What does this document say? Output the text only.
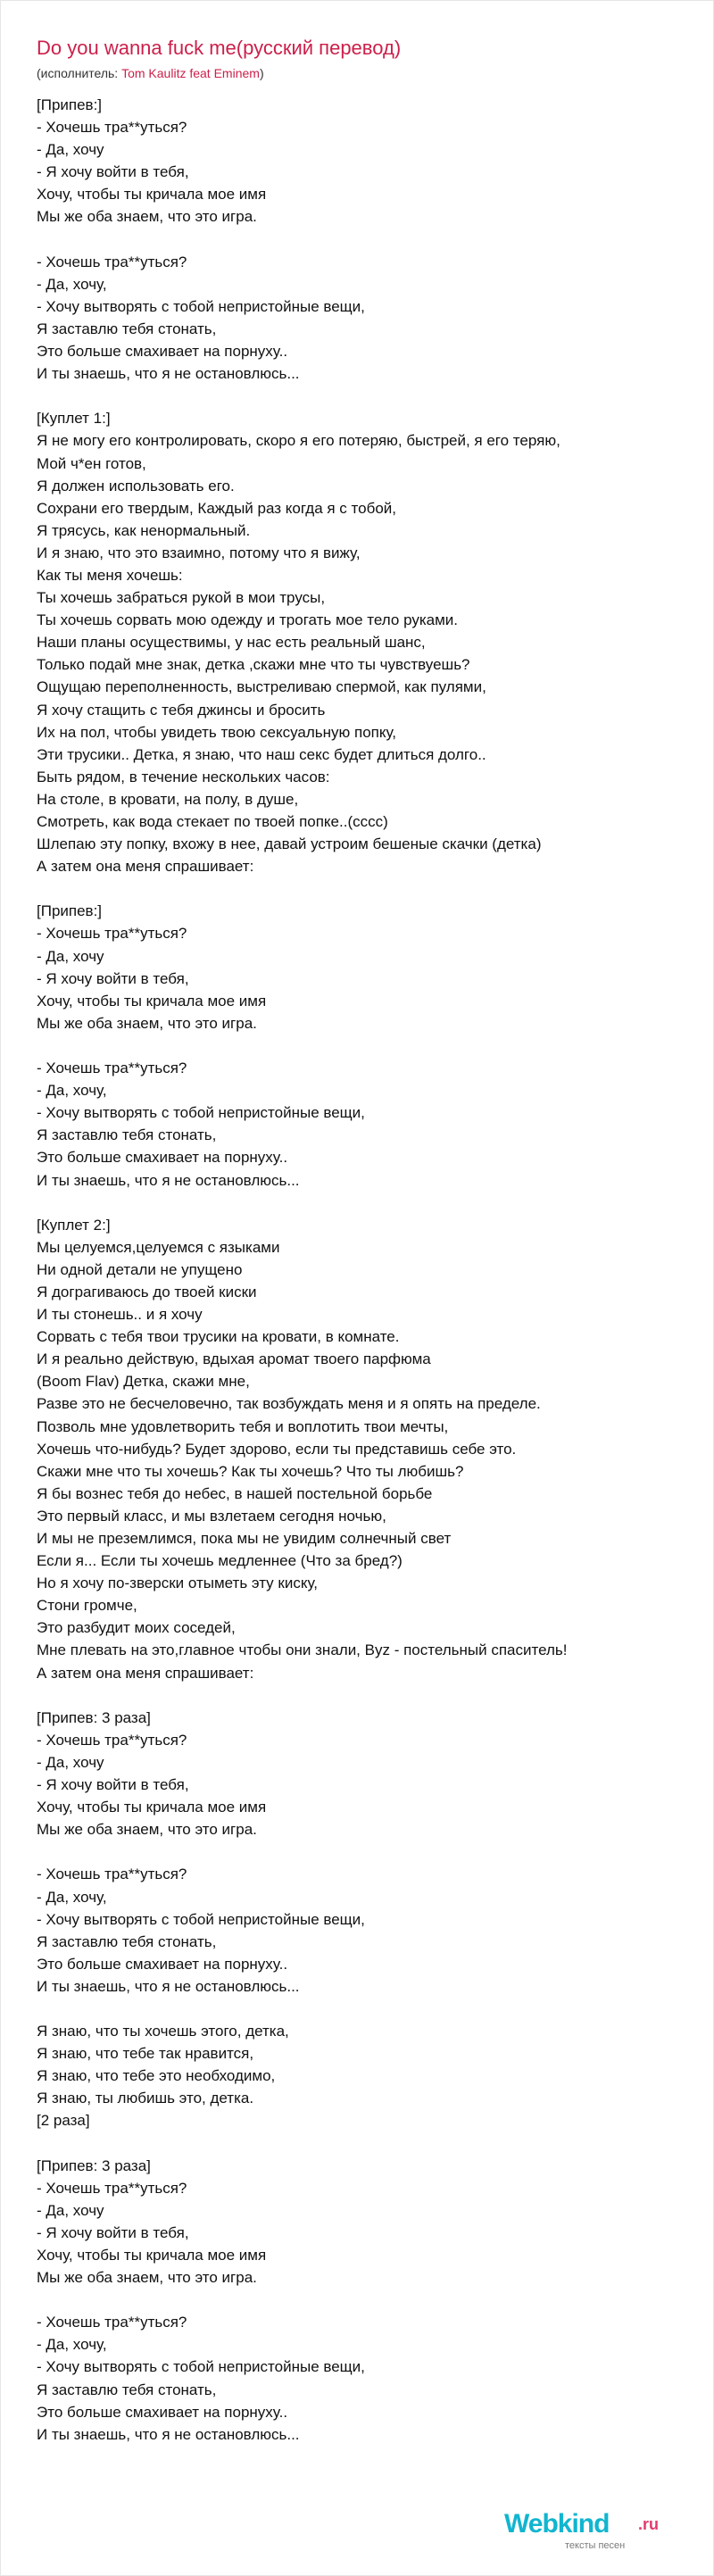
Do you wanna fuck me(русский перевод)
(исполнитель: Tom Kaulitz feat Eminem)
[Припев:]
- Хочешь тра**уться?
- Да, хочу
- Я хочу войти в тебя,
Хочу, чтобы ты кричала мое имя
Мы же оба знаем, что это игра.
- Хочешь тра**уться?
- Да, хочу,
- Хочу вытворять с тобой непристойные вещи,
Я заставлю тебя стонать,
Это больше смахивает на порнуху..
И ты знаешь, что я не остановлюсь...
[Куплет 1:]
Я не могу его контролировать, скоро я его потеряю, быстрей, я его теряю,
Мой ч*ен готов,
Я должен использовать его.
Сохрани его твердым, Каждый раз когда я с тобой,
Я трясусь, как ненормальный.
И я знаю, что это взаимно, потому что я вижу,
Как ты меня хочешь:
Ты хочешь забраться рукой в мои трусы,
Ты хочешь сорвать мою одежду и трогать мое тело руками.
Наши планы осуществимы, у нас есть реальный шанс,
Только подай мне знак, детка ,скажи мне что ты чувствуешь?
Ощущаю переполненность, выстреливаю спермой, как пулями,
Я хочу стащить с тебя джинсы и бросить
Их на пол, чтобы увидеть твою сексуальную попку,
Эти трусики.. Детка, я знаю, что наш секс будет длиться долго..
Быть рядом, в течение нескольких часов:
На столе, в кровати, на полу, в душе,
Смотреть, как вода стекает по твоей попке..(сссс)
Шлепаю эту попку, вхожу в нее, давай устроим бешеные скачки (детка)
А затем она меня спрашивает:
[Припев:]
- Хочешь тра**уться?
- Да, хочу
- Я хочу войти в тебя,
Хочу, чтобы ты кричала мое имя
Мы же оба знаем, что это игра.
- Хочешь тра**уться?
- Да, хочу,
- Хочу вытворять с тобой непристойные вещи,
Я заставлю тебя стонать,
Это больше смахивает на порнуху..
И ты знаешь, что я не остановлюсь...
[Куплет 2:]
Мы целуемся,целуемся с языками
Ни одной детали не упущено
Я дограгиваюсь до твоей киски
И ты стонешь.. и я хочу
Сорвать с тебя твои трусики на кровати, в комнате.
И я реально действую, вдыхая аромат твоего парфюма
(Boom Flav) Детка, скажи мне,
Разве это не бесчеловечно, так возбуждать меня и я опять на пределе.
Позволь мне удовлетворить тебя и воплотить твои мечты,
Хочешь что-нибудь? Будет здорово, если ты представишь себе это.
Скажи мне что ты хочешь? Как ты хочешь? Что ты любишь?
Я бы вознес тебя до небес, в нашей постельной борьбе
Это первый класс, и мы взлетаем сегодня ночью,
И мы не преземлимся, пока мы не увидим солнечный свет
Если я... Если ты хочешь медленнее (Что за бред?)
Но я хочу по-зверски отыметь эту киску,
Стони громче,
Это разбудит моих соседей,
Мне плевать на это,главное чтобы они знали, Byz - постельный спаситель!
А затем она меня спрашивает:
[Припев: 3 раза]
- Хочешь тра**уться?
- Да, хочу
- Я хочу войти в тебя,
Хочу, чтобы ты кричала мое имя
Мы же оба знаем, что это игра.
- Хочешь тра**уться?
- Да, хочу,
- Хочу вытворять с тобой непристойные вещи,
Я заставлю тебя стонать,
Это больше смахивает на порнуху..
И ты знаешь, что я не остановлюсь...
Я знаю, что ты хочешь этого, детка,
Я знаю, что тебе так нравится,
Я знаю, что тебе это необходимо,
Я знаю, ты любишь это, детка.
[2 раза]
[Припев: 3 раза]
- Хочешь тра**уться?
- Да, хочу
- Я хочу войти в тебя,
Хочу, чтобы ты кричала мое имя
Мы же оба знаем, что это игра.
- Хочешь тра**уться?
- Да, хочу,
- Хочу вытворять с тобой непристойные вещи,
Я заставлю тебя стонать,
Это больше смахивает на порнуху..
И ты знаешь, что я не остановлюсь...
Webkind .ru
тексты песен
